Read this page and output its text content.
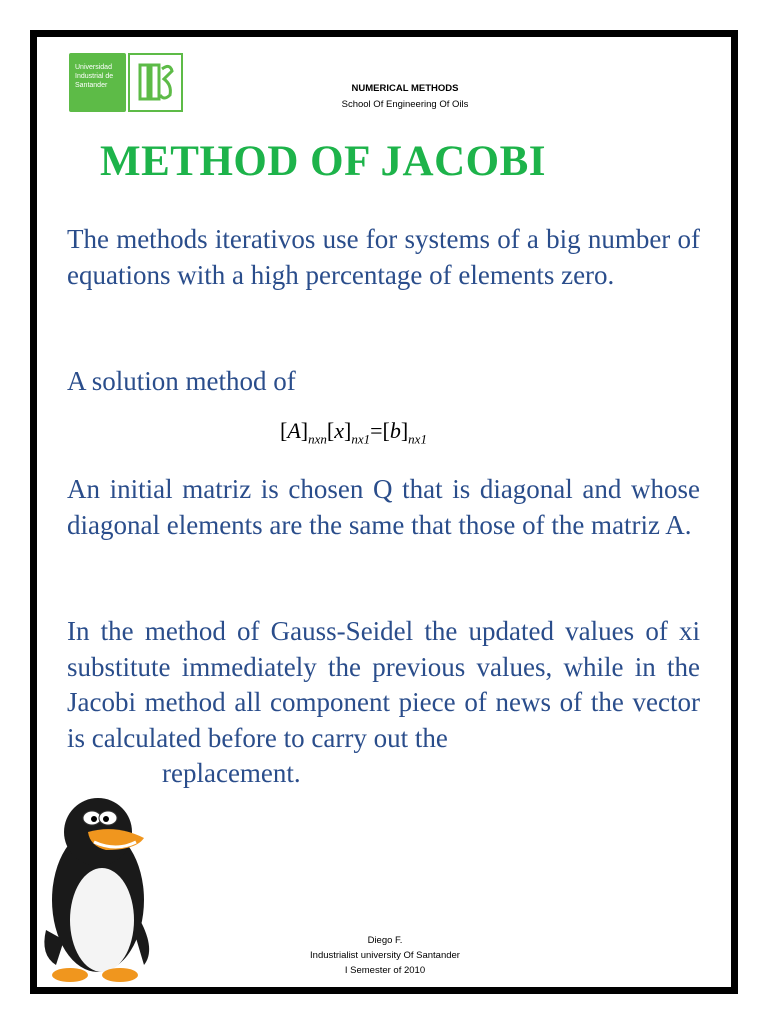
Universidad Industrial de Santander	NUMERICAL METHODS
School Of Engineering Of Oils
METHOD OF JACOBI
The methods iterativos use for systems of a big number of equations with a high percentage of elements zero.
A solution method of
$[A]_{nxn}[x]_{nx1}=[b]_{nx1}$
An initial matriz is chosen Q that is diagonal and whose diagonal elements are the same that those of the matriz A.
In the method of Gauss-Seidel the updated values of xi substitute immediately the previous values, while in the Jacobi method all component piece of news of the vector is calculated before to carry out the
replacement.
Diego F.
Industrialist university Of Santander
I Semester of 2010
